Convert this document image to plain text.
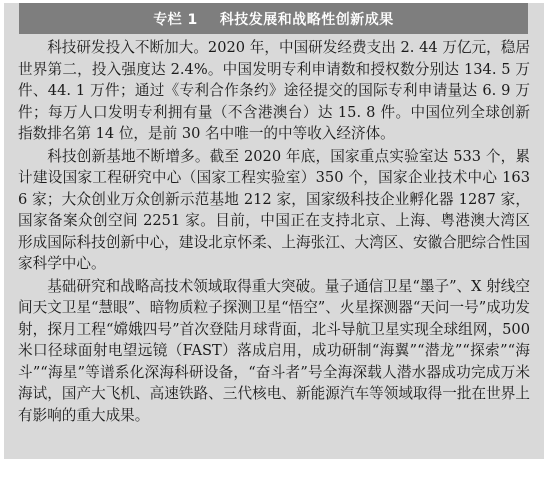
专栏 1 科技发展和战略性创新成果

科技研发投入不断加大。2020 年，中国研发经费支出 2. 44 万亿元，稳居世界第二，投入强度达 2.4%。中国发明专利申请数和授权数分别达 134. 5 万件、44. 1 万件；通过《专利合作条约》途径提交的国际专利申请量达 6. 9 万件；每万人口发明专利拥有量（不含港澳台）达 15. 8 件。中国位列全球创新指数排名第 14 位，是前 30 名中唯一的中等收入经济体。

科技创新基地不断增多。截至 2020 年底，国家重点实验室达 533 个，累计建设国家工程研究中心（国家工程实验室）350 个，国家企业技术中心 1636 家；大众创业万众创新示范基地 212 家，国家级科技企业孵化器 1287 家，国家备案众创空间 2251 家。目前，中国正在支持北京、上海、粤港澳大湾区形成国际科技创新中心，建设北京怀柔、上海张江、大湾区、安徽合肥综合性国家科学中心。

基础研究和战略高技术领域取得重大突破。量子通信卫星“墨子”、X 射线空间天文卫星“慧眼”、暗物质粒子探测卫星“悟空”、火星探测器“天问一号”成功发射，探月工程“嫦娥四号”首次登陆月球背面，北斗导航卫星实现全球组网，500 米口径球面射电望远镜（FAST）落成启用，成功研制“海翼”“潜龙”“探索”“海斗”“海星”等谱系化深海科研设备，“奋斗者”号全海深载人潜水器成功完成万米海试，国产大飞机、高速铁路、三代核电、新能源汽车等领域取得一批在世界上有影响的重大成果。
